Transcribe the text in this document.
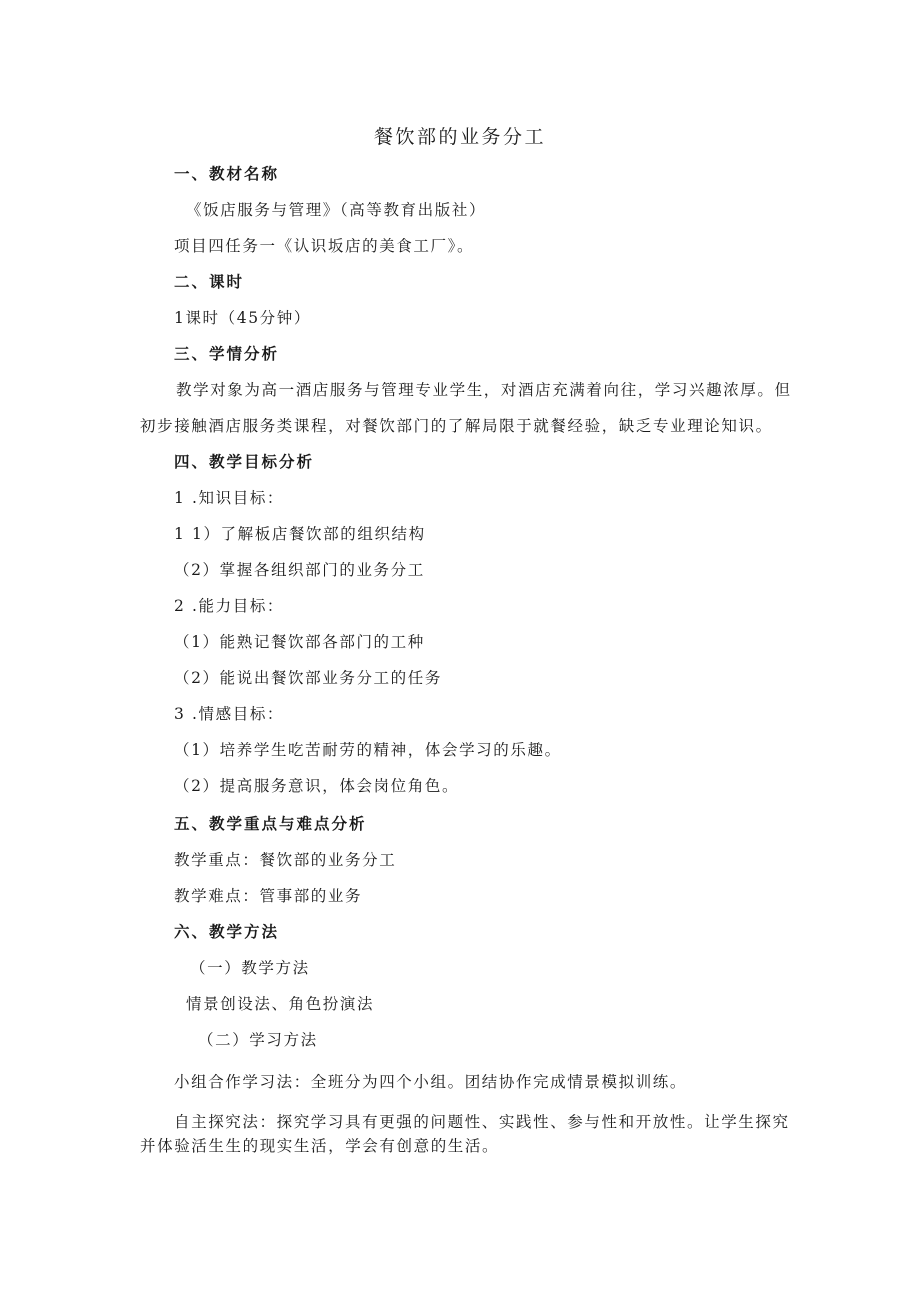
餐饮部的业务分工
一、教材名称
《饭店服务与管理》（高等教育出版社）
项目四任务一《认识坂店的美食工厂》。
二、课时
1课时（45分钟）
三、学情分析
教学对象为高一酒店服务与管理专业学生，对酒店充满着向往，学习兴趣浓厚。但
初步接触酒店服务类课程，对餐饮部门的了解局限于就餐经验，缺乏专业理论知识。
四、教学目标分析
1 .知识目标：
1 1）了解板店餐饮部的组织结构
（2）掌握各组织部门的业务分工
2 .能力目标：
（1）能熟记餐饮部各部门的工种
（2）能说出餐饮部业务分工的任务
3 .情感目标：
（1）培养学生吃苦耐劳的精神，体会学习的乐趣。
（2）提高服务意识，体会岗位角色。
五、教学重点与难点分析
教学重点：餐饮部的业务分工
教学难点：管事部的业务
六、教学方法
（一）教学方法
情景创设法、角色扮演法
（二）学习方法
小组合作学习法：全班分为四个小组。团结协作完成情景模拟训练。
自主探究法：探究学习具有更强的问题性、实践性、参与性和开放性。让学生探究
并体验活生生的现实生活，学会有创意的生活。
